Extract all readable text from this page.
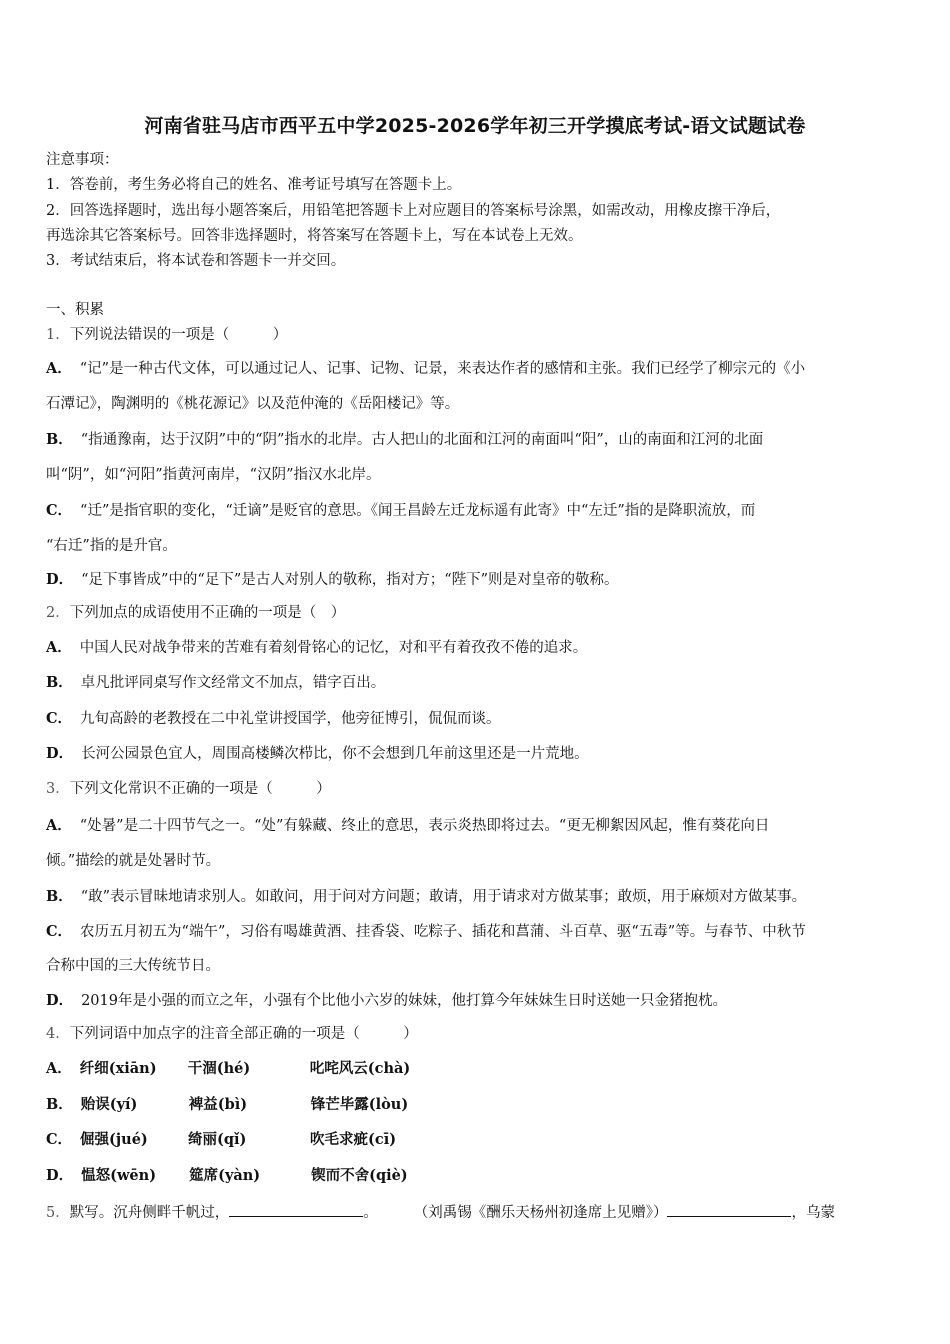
河南省驻马店市西平五中学2025-2026学年初三开学摸底考试-语文试题试卷
注意事项：
1．答卷前，考生务必将自己的姓名、准考证号填写在答题卡上。
2．回答选择题时，选出每小题答案后，用铅笔把答题卡上对应题目的答案标号涂黑，如需改动，用橡皮擦干净后，
再选涂其它答案标号。回答非选择题时，将答案写在答题卡上，写在本试卷上无效。
3．考试结束后，将本试卷和答题卡一并交回。
一、积累
1．下列说法错误的一项是（　　　）
A． “记”是一种古代文体，可以通过记人、记事、记物、记景，来表达作者的感情和主张。我们已经学了柳宗元的《小
石潭记》，陶渊明的《桃花源记》以及范仲淹的《岳阳楼记》等。
B． “指通豫南，达于汉阴”中的“阴”指水的北岸。古人把山的北面和江河的南面叫“阳”，山的南面和江河的北面
叫“阴”，如“河阳”指黄河南岸，“汉阴”指汉水北岸。
C． “迁”是指官职的变化，“迁谪”是贬官的意思。《闻王昌龄左迁龙标遥有此寄》中“左迁”指的是降职流放，而
“右迁”指的是升官。
D． “足下事皆成”中的“足下”是古人对别人的敬称，指对方；“陛下”则是对皇帝的敬称。
2．下列加点的成语使用不正确的一项是（　）
A． 中国人民对战争带来的苦难有着刻骨铭心的记忆，对和平有着孜孜不倦的追求。
B． 卓凡批评同桌写作文经常文不加点，错字百出。
C． 九旬高龄的老教授在二中礼堂讲授国学，他旁征博引，侃侃而谈。
D． 长河公园景色宜人，周围高楼鳞次栉比，你不会想到几年前这里还是一片荒地。
3．下列文化常识不正确的一项是（　　　）
A． “处暑”是二十四节气之一。“处”有躲藏、终止的意思，表示炎热即将过去。“更无柳絮因风起，惟有葵花向日
倾。”描绘的就是处暑时节。
B． “敢”表示冒昧地请求别人。如敢问，用于问对方问题；敢请，用于请求对方做某事；敢烦，用于麻烦对方做某事。
C． 农历五月初五为“端午”，习俗有喝雄黄酒、挂香袋、吃粽子、插花和菖蒲、斗百草、驱“五毒”等。与春节、中秋节
合称中国的三大传统节日。
D． 2019年是小强的而立之年，小强有个比他小六岁的妹妹，他打算今年妹妹生日时送她一只金猪抱枕。
4．下列词语中加点字的注音全部正确的一项是（　　　）
A． 纤细(xiān) 干涸(hé)	叱咤风云(chà)
B． 贻误(yí)	裨益(bì)	锋芒毕露(lòu)
C． 倔强(jué)	绮丽(qǐ)	吹毛求疵(cī)
D． 愠怒(wēn) 筵席(yàn)	锲而不舍(qiè)
5．默写。沉舟侧畔千帆过，	。 （刘禹锡《酬乐天杨州初逢席上见赠》）	，乌蒙
